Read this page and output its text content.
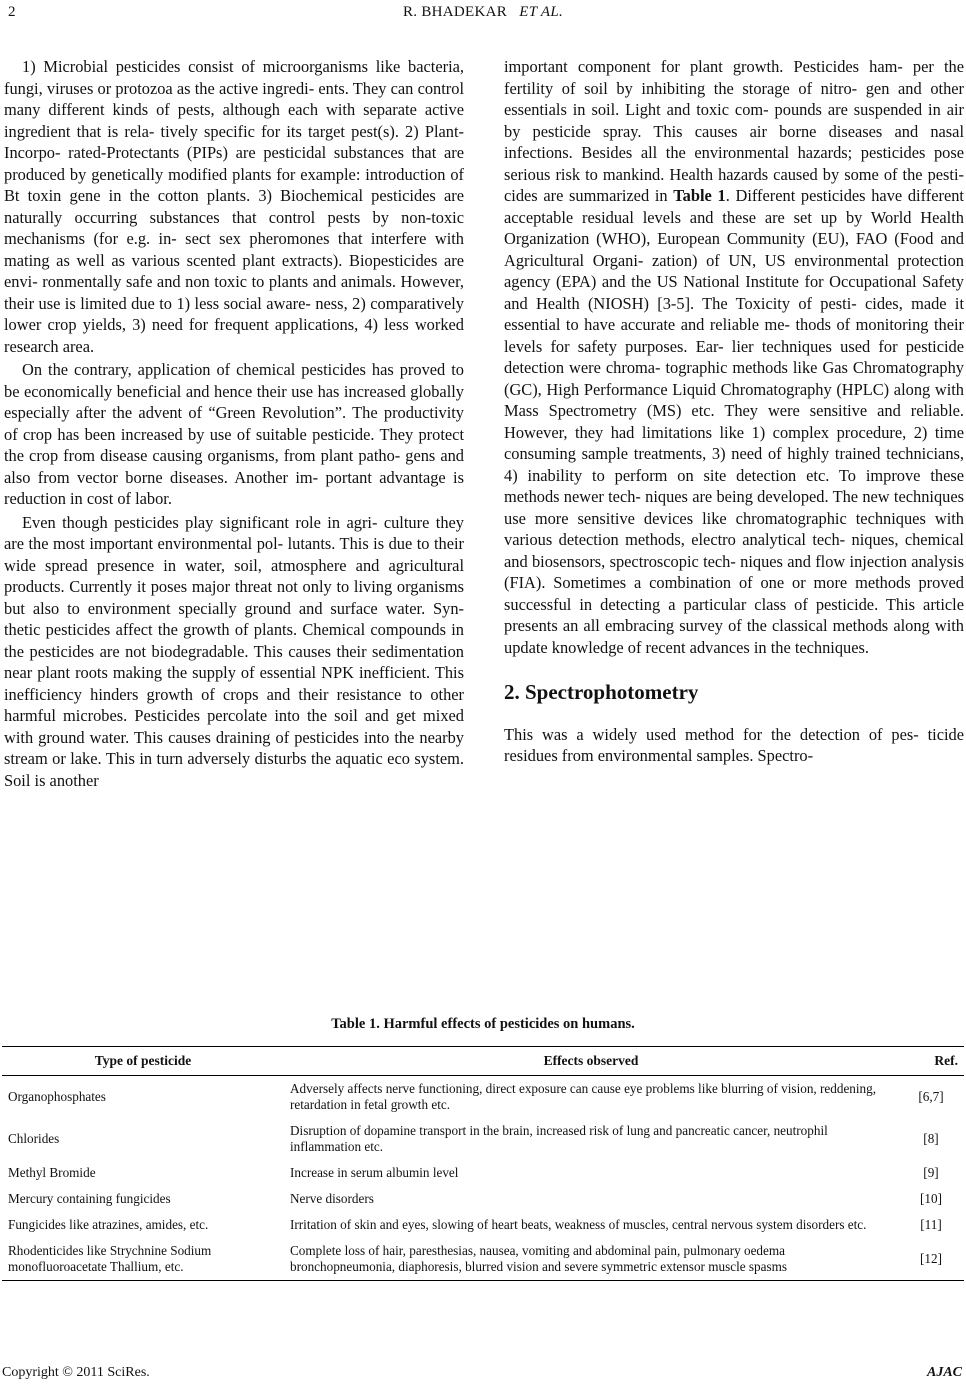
2	R. BHADEKAR ET AL.

1) Microbial pesticides consist of microorganisms like bacteria, fungi, viruses or protozoa as the active ingredi- ents. They can control many different kinds of pests, although each with separate active ingredient that is rela- tively specific for its target pest(s). 2) Plant-Incorpo- rated-Protectants (PIPs) are pesticidal substances that are produced by genetically modified plants for example: introduction of Bt toxin gene in the cotton plants. 3) Biochemical pesticides are naturally occurring substances that control pests by non-toxic mechanisms (for e.g. in- sect sex pheromones that interfere with mating as well as various scented plant extracts). Biopesticides are envi- ronmentally safe and non toxic to plants and animals. However, their use is limited due to 1) less social aware- ness, 2) comparatively lower crop yields, 3) need for frequent applications, 4) less worked research area.

On the contrary, application of chemical pesticides has proved to be economically beneficial and hence their use has increased globally especially after the advent of “Green Revolution”. The productivity of crop has been increased by use of suitable pesticide. They protect the crop from disease causing organisms, from plant patho- gens and also from vector borne diseases. Another im- portant advantage is reduction in cost of labor.

Even though pesticides play significant role in agri- culture they are the most important environmental pol- lutants. This is due to their wide spread presence in water, soil, atmosphere and agricultural products. Currently it poses major threat not only to living organisms but also to environment specially ground and surface water. Syn- thetic pesticides affect the growth of plants. Chemical compounds in the pesticides are not biodegradable. This causes their sedimentation near plant roots making the supply of essential NPK inefficient. This inefficiency hinders growth of crops and their resistance to other harmful microbes. Pesticides percolate into the soil and get mixed with ground water. This causes draining of pesticides into the nearby stream or lake. This in turn adversely disturbs the aquatic eco system. Soil is another

important component for plant growth. Pesticides ham- per the fertility of soil by inhibiting the storage of nitro- gen and other essentials in soil. Light and toxic com- pounds are suspended in air by pesticide spray. This causes air borne diseases and nasal infections. Besides all the environmental hazards; pesticides pose serious risk to mankind. Health hazards caused by some of the pesti- cides are summarized in Table 1. Different pesticides have different acceptable residual levels and these are set up by World Health Organization (WHO), European Community (EU), FAO (Food and Agricultural Organi- zation) of UN, US environmental protection agency (EPA) and the US National Institute for Occupational Safety and Health (NIOSH) [3-5]. The Toxicity of pesti- cides, made it essential to have accurate and reliable me- thods of monitoring their levels for safety purposes. Ear- lier techniques used for pesticide detection were chroma- tographic methods like Gas Chromatography (GC), High Performance Liquid Chromatography (HPLC) along with Mass Spectrometry (MS) etc. They were sensitive and reliable. However, they had limitations like 1) complex procedure, 2) time consuming sample treatments, 3) need of highly trained technicians, 4) inability to perform on site detection etc. To improve these methods newer tech- niques are being developed. The new techniques use more sensitive devices like chromatographic techniques with various detection methods, electro analytical tech- niques, chemical and biosensors, spectroscopic tech- niques and flow injection analysis (FIA). Sometimes a combination of one or more methods proved successful in detecting a particular class of pesticide. This article presents an all embracing survey of the classical methods along with update knowledge of recent advances in the techniques.

2. Spectrophotometry

This was a widely used method for the detection of pes- ticide residues from environmental samples. Spectro-

Table 1. Harmful effects of pesticides on humans.
Type of pesticide	Effects observed	Ref.
Organophosphates	Adversely affects nerve functioning, direct exposure can cause eye problems like blurring of vision, reddening, retardation in fetal growth etc.	[6,7]
Chlorides	Disruption of dopamine transport in the brain, increased risk of lung and pancreatic cancer, neutrophil inflammation etc.	[8]
Methyl Bromide	Increase in serum albumin level	[9]
Mercury containing fungicides	Nerve disorders	[10]
Fungicides like atrazines, amides, etc.	Irritation of skin and eyes, slowing of heart beats, weakness of muscles, central nervous system disorders etc.	[11]
Rhodenticides like Strychnine Sodium monofluoroacetate Thallium, etc.	Complete loss of hair, paresthesias, nausea, vomiting and abdominal pain, pulmonary oedema bronchopneumonia, diaphoresis, blurred vision and severe symmetric extensor muscle spasms	[12]
Copyright © 2011 SciRes.	AJAC
